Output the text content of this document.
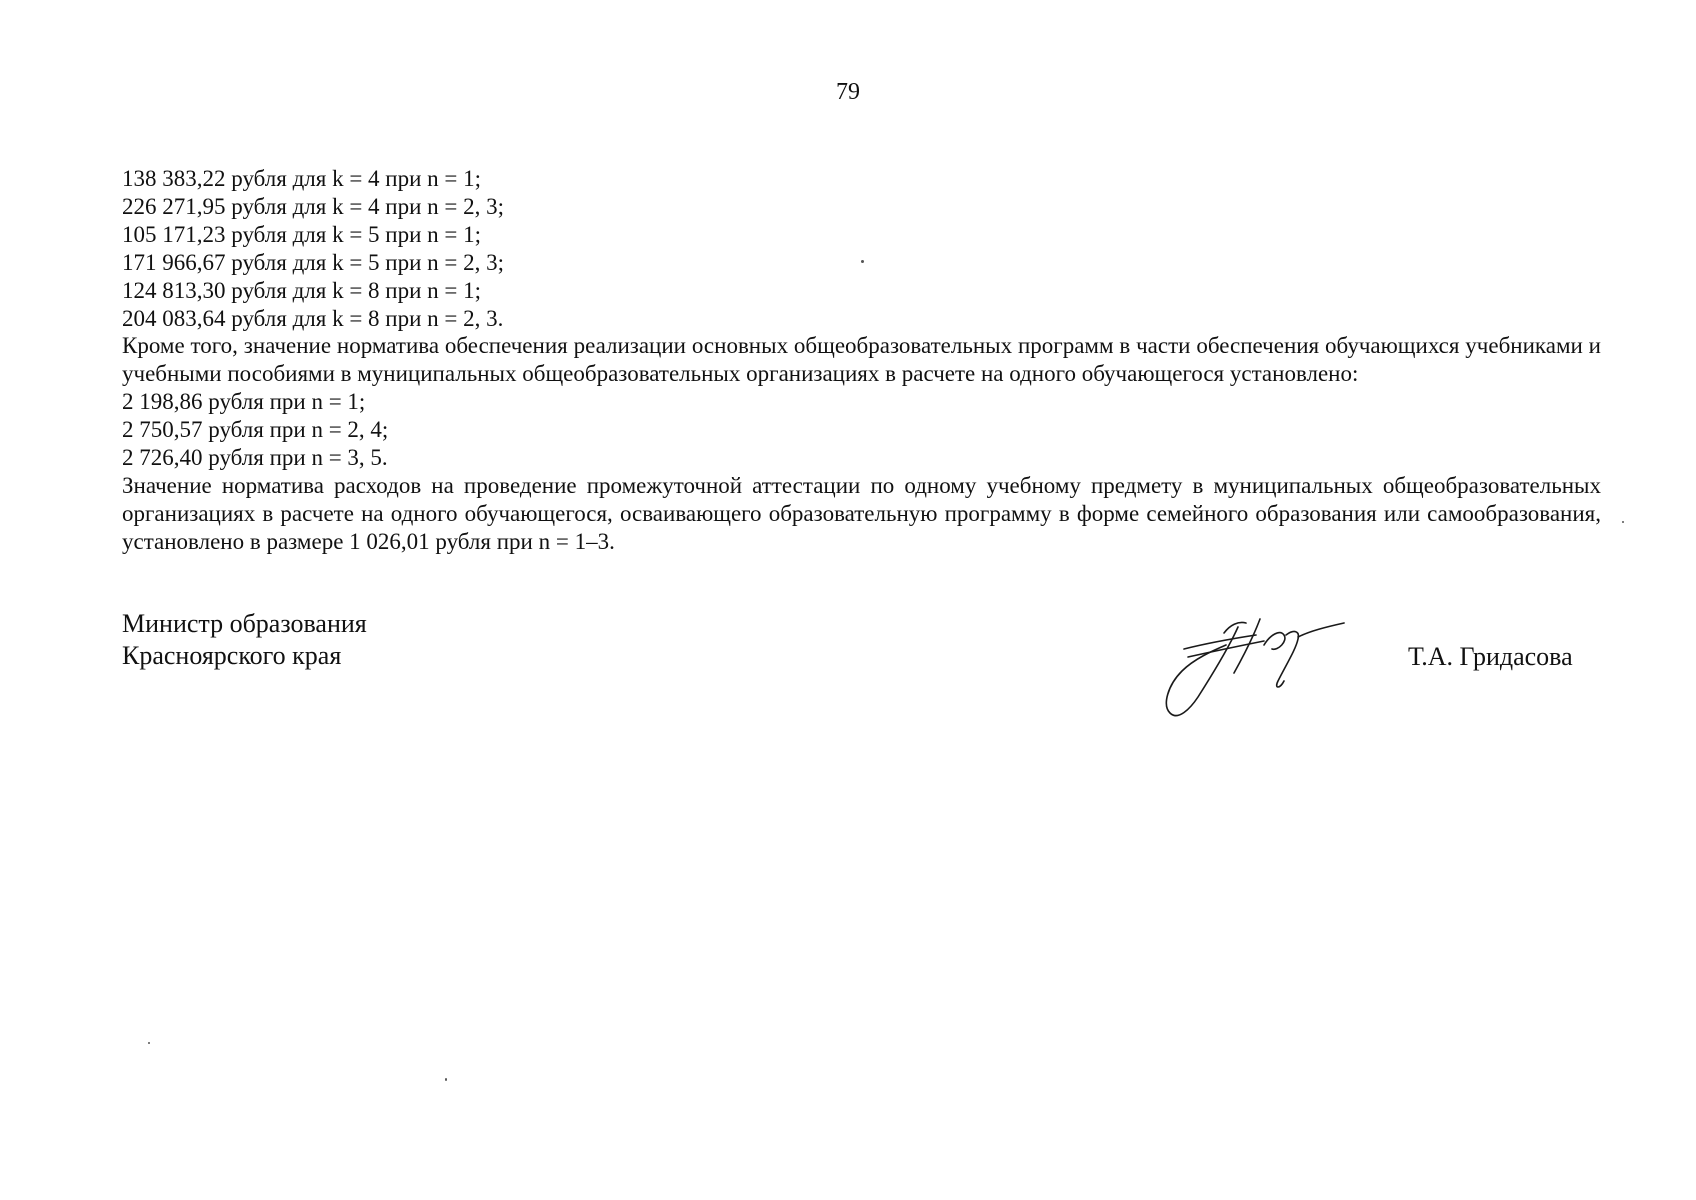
79
138 383,22 рубля для k = 4 при n = 1;
226 271,95 рубля для k = 4 при n = 2, 3;
105 171,23 рубля для k = 5 при n = 1;
171 966,67 рубля для k = 5 при n = 2, 3;
124 813,30 рубля для k = 8 при n = 1;
204 083,64 рубля для k = 8 при n = 2, 3.
Кроме того, значение норматива обеспечения реализации основных общеобразовательных программ в части обеспечения обучающихся учебниками и учебными пособиями в муниципальных общеобразовательных организациях в расчете на одного обучающегося установлено:
2 198,86 рубля при n = 1;
2 750,57 рубля при n = 2, 4;
2 726,40 рубля при n = 3, 5.
Значение норматива расходов на проведение промежуточной аттестации по одному учебному предмету в муниципальных общеобразовательных организациях в расчете на одного обучающегося, осваивающего образовательную программу в форме семейного образования или самообразования, установлено в размере 1 026,01 рубля при n = 1–3.
Министр образования
Красноярского края	Т.А. Гридасова
